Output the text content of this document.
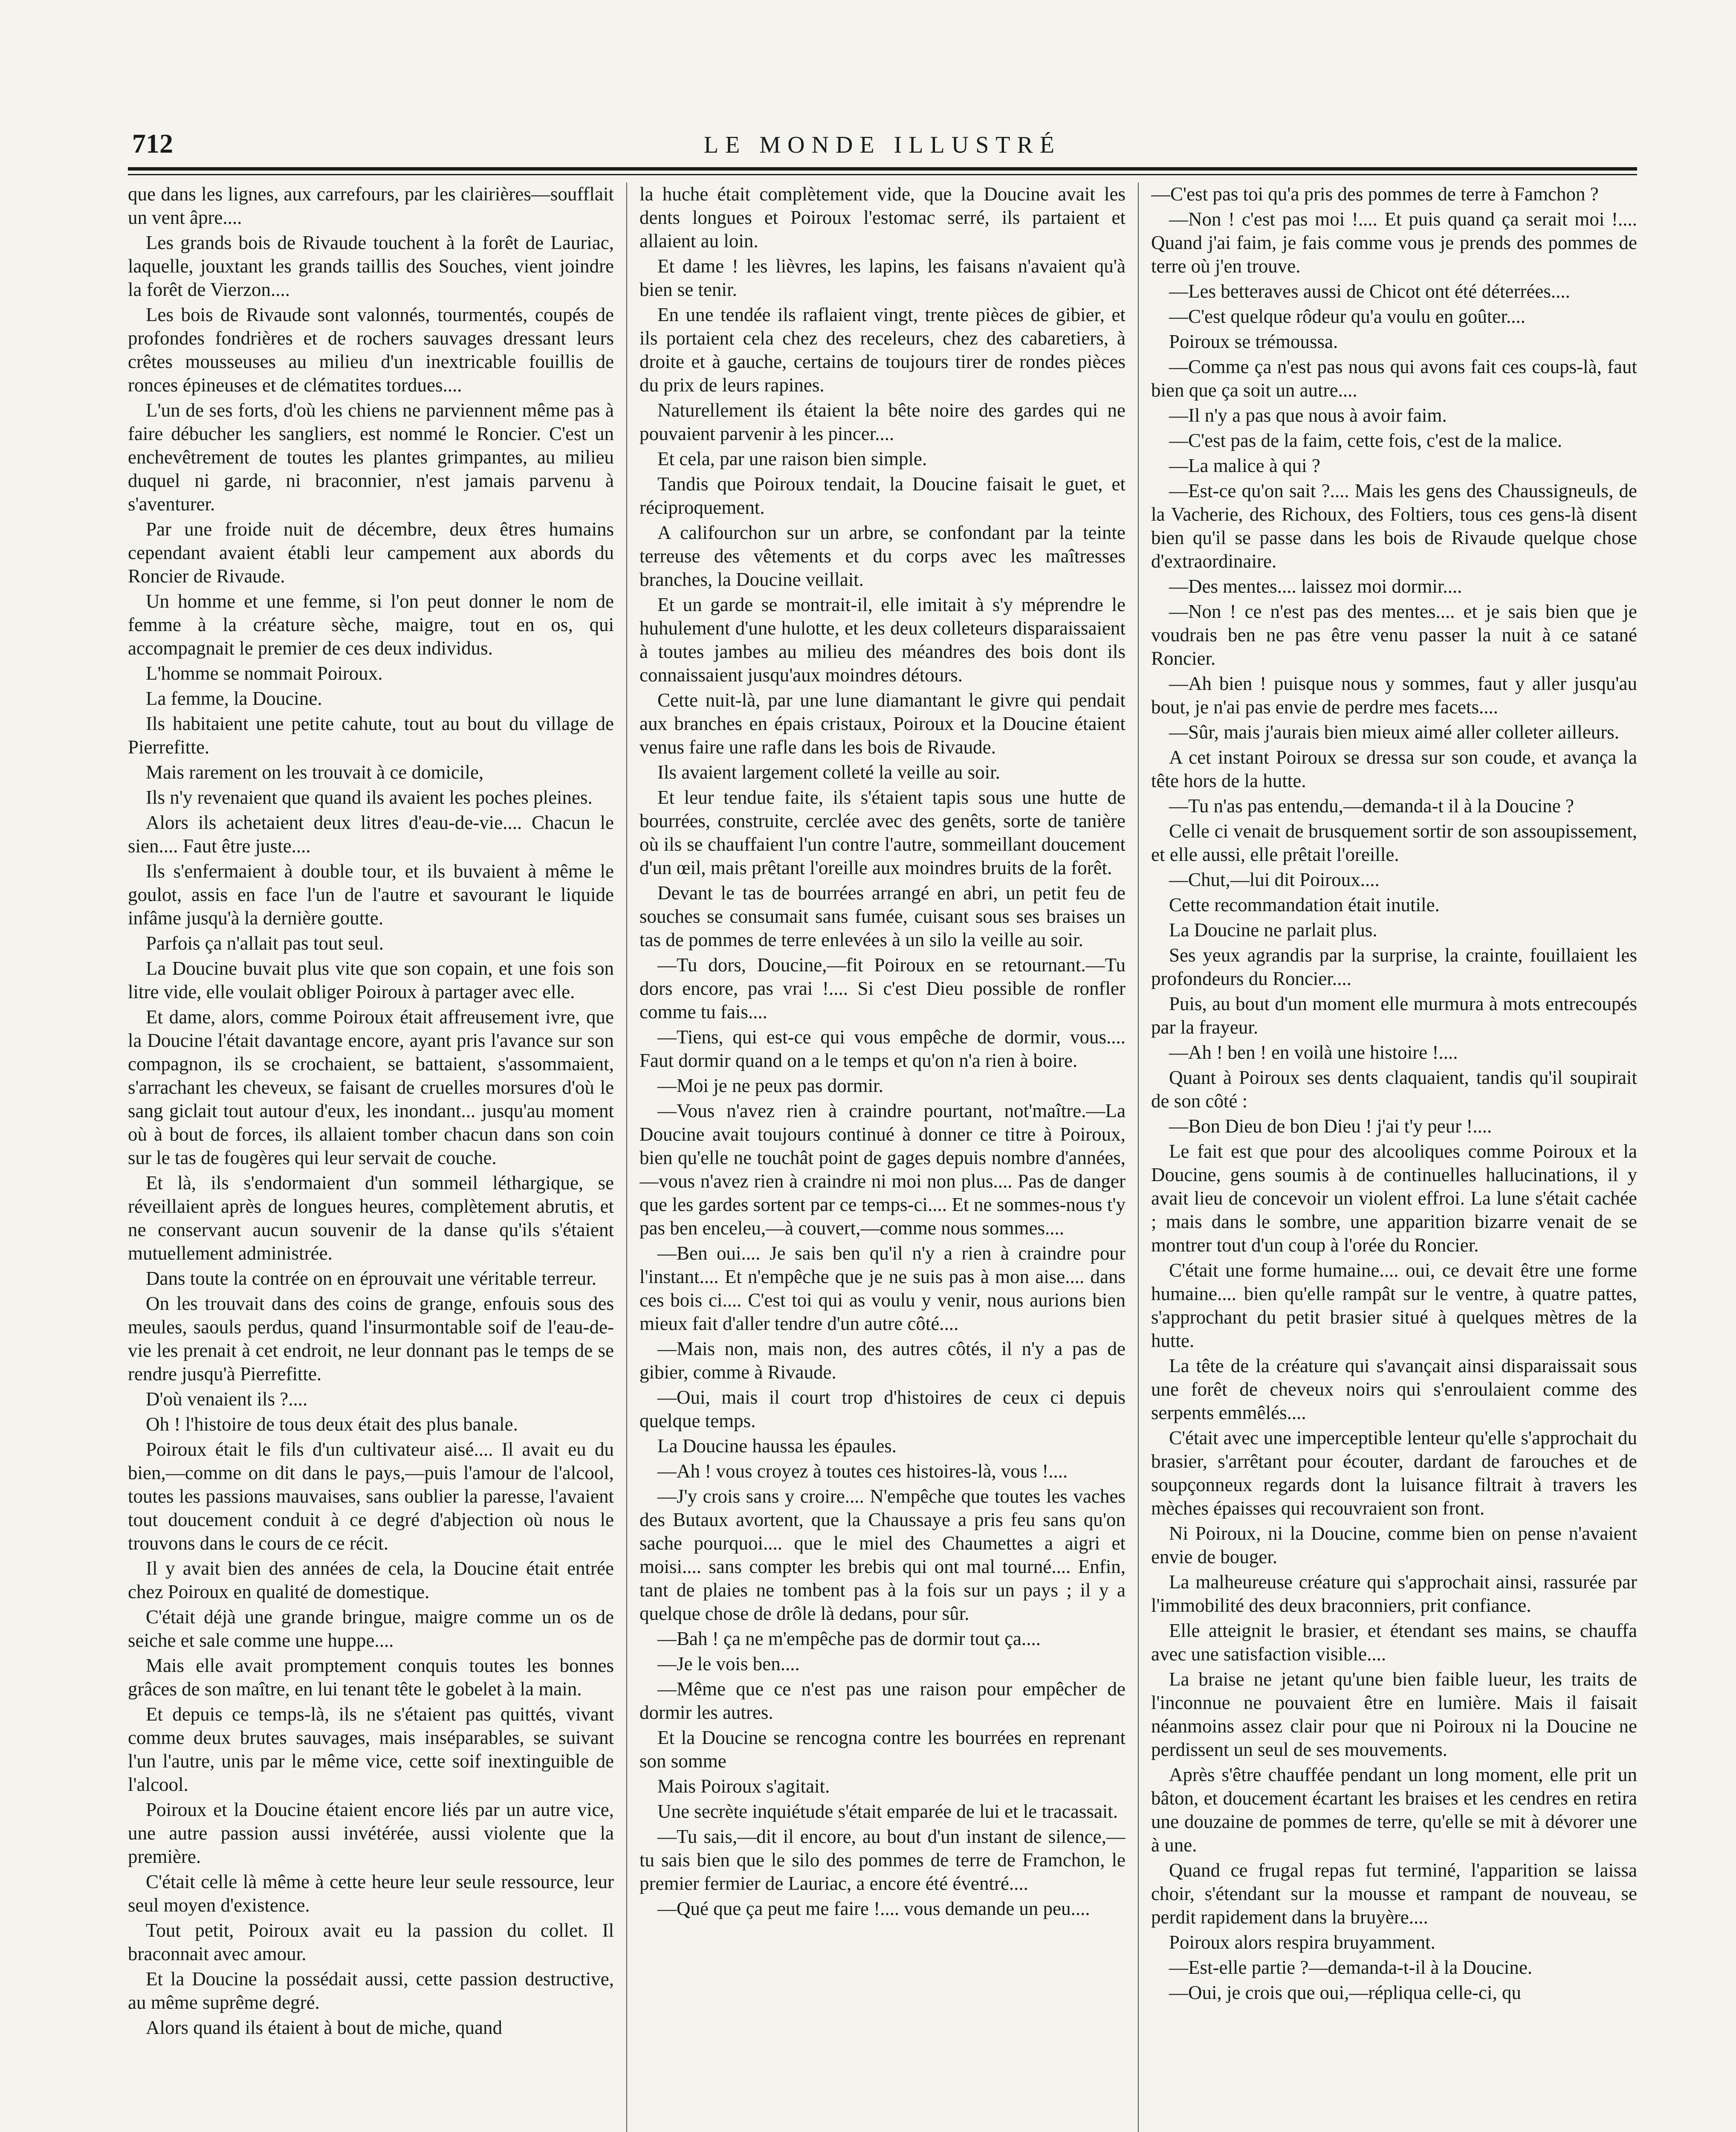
712	LE MONDE ILLUSTRÉ

que dans les lignes, aux carrefours, par les clairières—soufflait un vent âpre....

Les grands bois de Rivaude touchent à la forêt de Lauriac, laquelle, jouxtant les grands taillis des Souches, vient joindre la forêt de Vierzon....

Les bois de Rivaude sont valonnés, tourmentés, coupés de profondes fondrières et de rochers sauvages dressant leurs crêtes mousseuses au milieu d'un inextricable fouillis de ronces épineuses et de clématites tordues....

L'un de ses forts, d'où les chiens ne parviennent même pas à faire débucher les sangliers, est nommé le Roncier. C'est un enchevêtrement de toutes les plantes grimpantes, au milieu duquel ni garde, ni braconnier, n'est jamais parvenu à s'aventurer.

Par une froide nuit de décembre, deux êtres humains cependant avaient établi leur campement aux abords du Roncier de Rivaude.

Un homme et une femme, si l'on peut donner le nom de femme à la créature sèche, maigre, tout en os, qui accompagnait le premier de ces deux individus.

L'homme se nommait Poiroux.

La femme, la Doucine.

Ils habitaient une petite cahute, tout au bout du village de Pierrefitte.

Mais rarement on les trouvait à ce domicile,

Ils n'y revenaient que quand ils avaient les poches pleines.

Alors ils achetaient deux litres d'eau-de-vie.... Chacun le sien.... Faut être juste....

Ils s'enfermaient à double tour, et ils buvaient à même le goulot, assis en face l'un de l'autre et savourant le liquide infâme jusqu'à la dernière goutte.

Parfois ça n'allait pas tout seul.

La Doucine buvait plus vite que son copain, et une fois son litre vide, elle voulait obliger Poiroux à partager avec elle.

Et dame, alors, comme Poiroux était affreusement ivre, que la Doucine l'était davantage encore, ayant pris l'avance sur son compagnon, ils se crochaient, se battaient, s'assommaient, s'arrachant les cheveux, se faisant de cruelles morsures d'où le sang giclait tout autour d'eux, les inondant... jusqu'au moment où à bout de forces, ils allaient tomber chacun dans son coin sur le tas de fougères qui leur servait de couche.

Et là, ils s'endormaient d'un sommeil léthargique, se réveillaient après de longues heures, complètement abrutis, et ne conservant aucun souvenir de la danse qu'ils s'étaient mutuellement administrée.

Dans toute la contrée on en éprouvait une véritable terreur.

On les trouvait dans des coins de grange, enfouis sous des meules, saouls perdus, quand l'insurmontable soif de l'eau-de-vie les prenait à cet endroit, ne leur donnant pas le temps de se rendre jusqu'à Pierrefitte.

D'où venaient ils ?....

Oh ! l'histoire de tous deux était des plus banale.

Poiroux était le fils d'un cultivateur aisé.... Il avait eu du bien,—comme on dit dans le pays,—puis l'amour de l'alcool, toutes les passions mauvaises, sans oublier la paresse, l'avaient tout doucement conduit à ce degré d'abjection où nous le trouvons dans le cours de ce récit.

Il y avait bien des années de cela, la Doucine était entrée chez Poiroux en qualité de domestique.

C'était déjà une grande bringue, maigre comme un os de seiche et sale comme une huppe....

Mais elle avait promptement conquis toutes les bonnes grâces de son maître, en lui tenant tête le gobelet à la main.

Et depuis ce temps-là, ils ne s'étaient pas quittés, vivant comme deux brutes sauvages, mais inséparables, se suivant l'un l'autre, unis par le même vice, cette soif inextinguible de l'alcool.

Poiroux et la Doucine étaient encore liés par un autre vice, une autre passion aussi invétérée, aussi violente que la première.

C'était celle là même à cette heure leur seule ressource, leur seul moyen d'existence.

Tout petit, Poiroux avait eu la passion du collet. Il braconnait avec amour.

Et la Doucine la possédait aussi, cette passion destructive, au même suprême degré.

Alors quand ils étaient à bout de miche, quand

la huche était complètement vide, que la Doucine avait les dents longues et Poiroux l'estomac serré, ils partaient et allaient au loin.

Et dame ! les lièvres, les lapins, les faisans n'avaient qu'à bien se tenir.

En une tendée ils raflaient vingt, trente pièces de gibier, et ils portaient cela chez des receleurs, chez des cabaretiers, à droite et à gauche, certains de toujours tirer de rondes pièces du prix de leurs rapines.

Naturellement ils étaient la bête noire des gardes qui ne pouvaient parvenir à les pincer....

Et cela, par une raison bien simple.

Tandis que Poiroux tendait, la Doucine faisait le guet, et réciproquement.

A califourchon sur un arbre, se confondant par la teinte terreuse des vêtements et du corps avec les maîtresses branches, la Doucine veillait.

Et un garde se montrait-il, elle imitait à s'y méprendre le huhulement d'une hulotte, et les deux colleteurs disparaissaient à toutes jambes au milieu des méandres des bois dont ils connaissaient jusqu'aux moindres détours.

Cette nuit-là, par une lune diamantant le givre qui pendait aux branches en épais cristaux, Poiroux et la Doucine étaient venus faire une rafle dans les bois de Rivaude.

Ils avaient largement colleté la veille au soir.

Et leur tendue faite, ils s'étaient tapis sous une hutte de bourrées, construite, cerclée avec des genêts, sorte de tanière où ils se chauffaient l'un contre l'autre, sommeillant doucement d'un œil, mais prêtant l'oreille aux moindres bruits de la forêt.

Devant le tas de bourrées arrangé en abri, un petit feu de souches se consumait sans fumée, cuisant sous ses braises un tas de pommes de terre enlevées à un silo la veille au soir.

—Tu dors, Doucine,—fit Poiroux en se retournant.—Tu dors encore, pas vrai !.... Si c'est Dieu possible de ronfler comme tu fais....

—Tiens, qui est-ce qui vous empêche de dormir, vous.... Faut dormir quand on a le temps et qu'on n'a rien à boire.

—Moi je ne peux pas dormir.

—Vous n'avez rien à craindre pourtant, not'maître.—La Doucine avait toujours continué à donner ce titre à Poiroux, bien qu'elle ne touchât point de gages depuis nombre d'années,—vous n'avez rien à craindre ni moi non plus.... Pas de danger que les gardes sortent par ce temps-ci.... Et ne sommes-nous t'y pas ben enceleu,—à couvert,—comme nous sommes....

—Ben oui.... Je sais ben qu'il n'y a rien à craindre pour l'instant.... Et n'empêche que je ne suis pas à mon aise.... dans ces bois ci.... C'est toi qui as voulu y venir, nous aurions bien mieux fait d'aller tendre d'un autre côté....

—Mais non, mais non, des autres côtés, il n'y a pas de gibier, comme à Rivaude.

—Oui, mais il court trop d'histoires de ceux ci depuis quelque temps.

La Doucine haussa les épaules.

—Ah ! vous croyez à toutes ces histoires-là, vous !....

—J'y crois sans y croire.... N'empêche que toutes les vaches des Butaux avortent, que la Chaussaye a pris feu sans qu'on sache pourquoi.... que le miel des Chaumettes a aigri et moisi.... sans compter les brebis qui ont mal tourné.... Enfin, tant de plaies ne tombent pas à la fois sur un pays ; il y a quelque chose de drôle là dedans, pour sûr.

—Bah ! ça ne m'empêche pas de dormir tout ça....

—Je le vois ben....

—Même que ce n'est pas une raison pour empêcher de dormir les autres.

Et la Doucine se rencogna contre les bourrées en reprenant son somme

Mais Poiroux s'agitait.

Une secrète inquiétude s'était emparée de lui et le tracassait.

—Tu sais,—dit il encore, au bout d'un instant de silence,—tu sais bien que le silo des pommes de terre de Framchon, le premier fermier de Lauriac, a encore été éventré....

—Qué que ça peut me faire !.... vous demande un peu....

—C'est pas toi qu'a pris des pommes de terre à Famchon ?

—Non ! c'est pas moi !.... Et puis quand ça serait moi !.... Quand j'ai faim, je fais comme vous je prends des pommes de terre où j'en trouve.

—Les betteraves aussi de Chicot ont été déterrées....

—C'est quelque rôdeur qu'a voulu en goûter....

Poiroux se trémoussa.

—Comme ça n'est pas nous qui avons fait ces coups-là, faut bien que ça soit un autre....

—Il n'y a pas que nous à avoir faim.

—C'est pas de la faim, cette fois, c'est de la malice.

—La malice à qui ?

—Est-ce qu'on sait ?.... Mais les gens des Chaussigneuls, de la Vacherie, des Richoux, des Foltiers, tous ces gens-là disent bien qu'il se passe dans les bois de Rivaude quelque chose d'extraordinaire.

—Des mentes.... laissez moi dormir....

—Non ! ce n'est pas des mentes.... et je sais bien que je voudrais ben ne pas être venu passer la nuit à ce satané Roncier.

—Ah bien ! puisque nous y sommes, faut y aller jusqu'au bout, je n'ai pas envie de perdre mes facets....

—Sûr, mais j'aurais bien mieux aimé aller colleter ailleurs.

A cet instant Poiroux se dressa sur son coude, et avança la tête hors de la hutte.

—Tu n'as pas entendu,—demanda-t il à la Doucine ?

Celle ci venait de brusquement sortir de son assoupissement, et elle aussi, elle prêtait l'oreille.

—Chut,—lui dit Poiroux....

Cette recommandation était inutile.

La Doucine ne parlait plus.

Ses yeux agrandis par la surprise, la crainte, fouillaient les profondeurs du Roncier....

Puis, au bout d'un moment elle murmura à mots entrecoupés par la frayeur.

—Ah ! ben ! en voilà une histoire !....

Quant à Poiroux ses dents claquaient, tandis qu'il soupirait de son côté :

—Bon Dieu de bon Dieu ! j'ai t'y peur !....

Le fait est que pour des alcooliques comme Poiroux et la Doucine, gens soumis à de continuelles hallucinations, il y avait lieu de concevoir un violent effroi. La lune s'était cachée ; mais dans le sombre, une apparition bizarre venait de se montrer tout d'un coup à l'orée du Roncier.

C'était une forme humaine.... oui, ce devait être une forme humaine.... bien qu'elle rampât sur le ventre, à quatre pattes, s'approchant du petit brasier situé à quelques mètres de la hutte.

La tête de la créature qui s'avançait ainsi disparaissait sous une forêt de cheveux noirs qui s'enroulaient comme des serpents emmêlés....

C'était avec une imperceptible lenteur qu'elle s'approchait du brasier, s'arrêtant pour écouter, dardant de farouches et de soupçonneux regards dont la luisance filtrait à travers les mèches épaisses qui recouvraient son front.

Ni Poiroux, ni la Doucine, comme bien on pense n'avaient envie de bouger.

La malheureuse créature qui s'approchait ainsi, rassurée par l'immobilité des deux braconniers, prit confiance.

Elle atteignit le brasier, et étendant ses mains, se chauffa avec une satisfaction visible....

La braise ne jetant qu'une bien faible lueur, les traits de l'inconnue ne pouvaient être en lumière. Mais il faisait néanmoins assez clair pour que ni Poiroux ni la Doucine ne perdissent un seul de ses mouvements.

Après s'être chauffée pendant un long moment, elle prit un bâton, et doucement écartant les braises et les cendres en retira une douzaine de pommes de terre, qu'elle se mit à dévorer une à une.

Quand ce frugal repas fut terminé, l'apparition se laissa choir, s'étendant sur la mousse et rampant de nouveau, se perdit rapidement dans la bruyère....

Poiroux alors respira bruyamment.

—Est-elle partie ?—demanda-t-il à la Doucine.

—Oui, je crois que oui,—répliqua celle-ci, qu
